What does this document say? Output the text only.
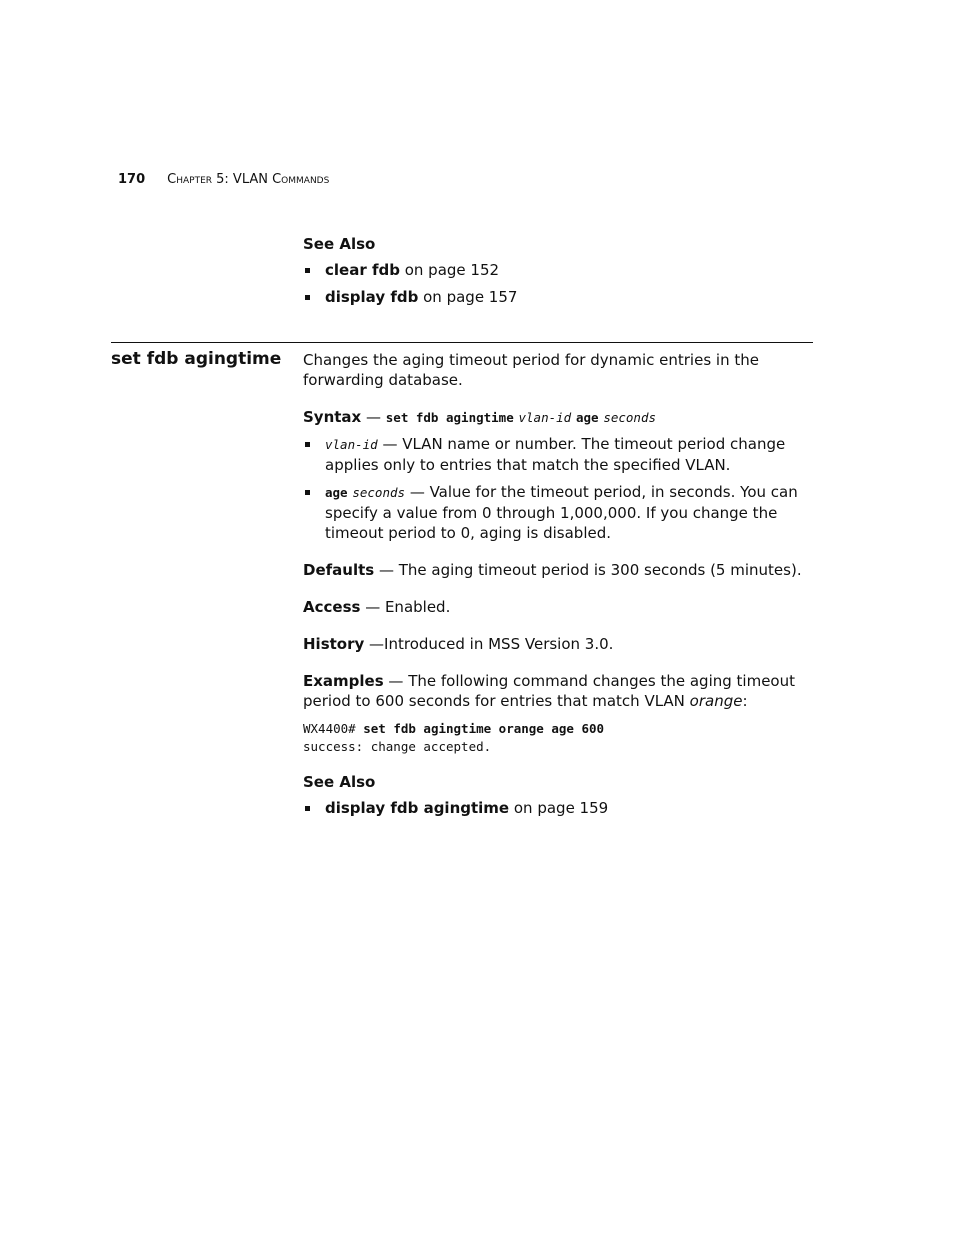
170 Chapter 5: VLAN Commands

See Also

clear fdb on page 152
display fdb on page 157
set fdb agingtime Changes the aging timeout period for dynamic entries in the forwarding database.

Syntax — set fdb agingtime vlan-id age seconds

vlan-id — VLAN name or number. The timeout period change applies only to entries that match the specified VLAN.
age seconds — Value for the timeout period, in seconds. You can specify a value from 0 through 1,000,000. If you change the timeout period to 0, aging is disabled.

Defaults — The aging timeout period is 300 seconds (5 minutes).

Access — Enabled.

History —Introduced in MSS Version 3.0.

Examples — The following command changes the aging timeout period to 600 seconds for entries that match VLAN orange:

WX4400# set fdb agingtime orange age 600
success: change accepted.

See Also

display fdb agingtime on page 159
